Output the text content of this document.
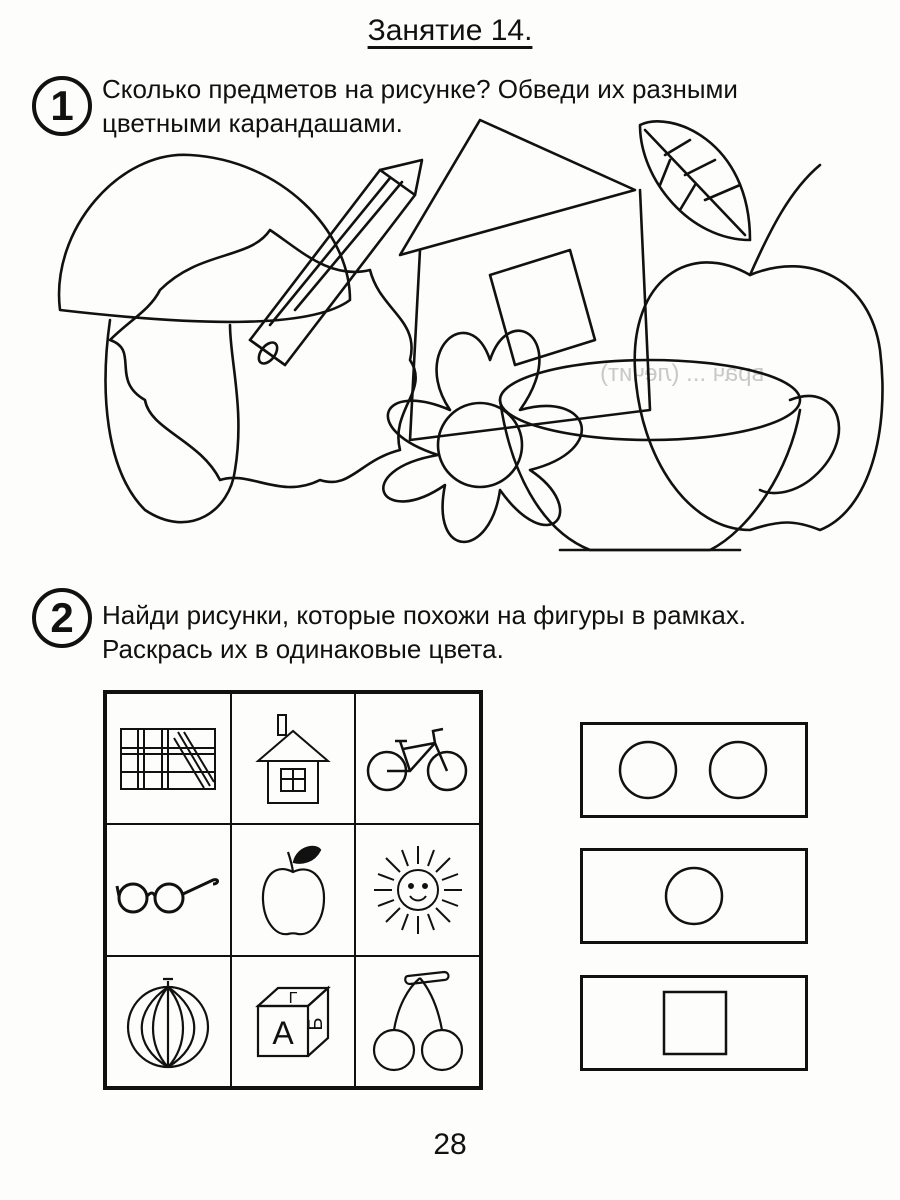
врач ... (лечит)
Занятие 14.
1	Сколько предметов на рисунке? Обведи их разными
цветными карандашами.
2	Найди рисунки, которые похожи на фигуры в рамках.
Раскрась их в одинаковые цвета.
Г
А Б
28
